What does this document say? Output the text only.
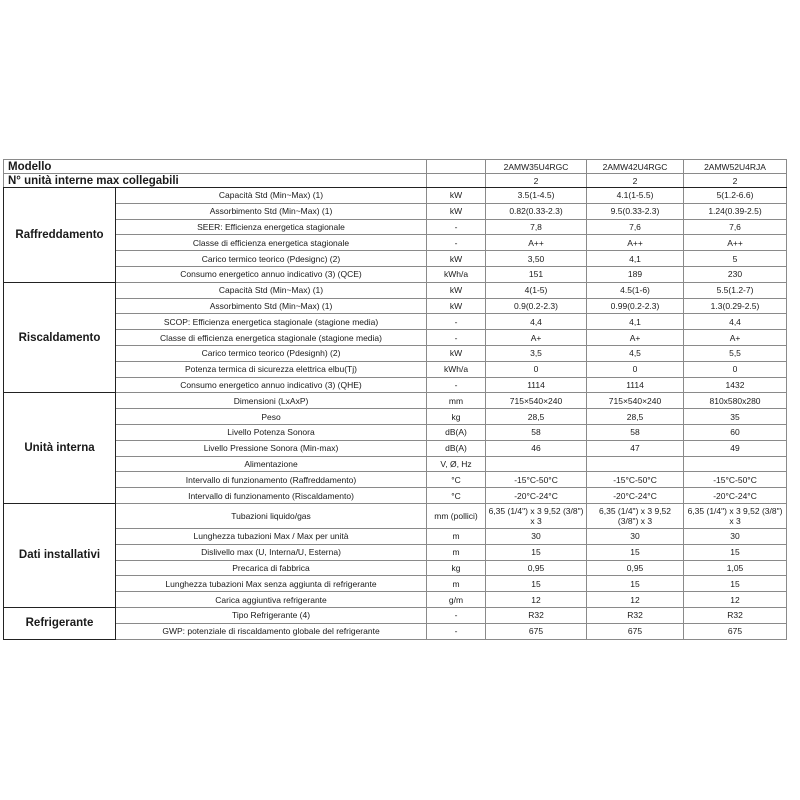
Modello			2AMW35U4RGC	2AMW42U4RGC	2AMW52U4RJA
N° unità interne max collegabili			2	2	2
Raffreddamento	Capacità Std (Min~Max) (1)	kW	3.5(1-4.5)	4.1(1-5.5)	5(1.2-6.6)
	Assorbimento Std (Min~Max) (1)	kW	0.82(0.33-2.3)	9.5(0.33-2.3)	1.24(0.39-2.5)
	SEER: Efficienza energetica stagionale	-	7,8	7,6	7,6
	Classe di efficienza energetica stagionale	-	A++	A++	A++
	Carico termico teorico (Pdesignc) (2)	kW	3,50	4,1	5
	Consumo energetico annuo indicativo (3) (QCE)	kWh/a	151	189	230
Riscaldamento	Capacità Std (Min~Max) (1)	kW	4(1-5)	4.5(1-6)	5.5(1.2-7)
	Assorbimento Std (Min~Max) (1)	kW	0.9(0.2-2.3)	0.99(0.2-2.3)	1.3(0.29-2.5)
	SCOP: Efficienza energetica stagionale (stagione media)	-	4,4	4,1	4,4
	Classe di efficienza energetica stagionale (stagione media)	-	A+	A+	A+
	Carico termico teorico (Pdesignh) (2)	kW	3,5	4,5	5,5
	Potenza termica di sicurezza elettrica elbu(Tj)	kWh/a	0	0	0
	Consumo energetico annuo indicativo (3) (QHE)	-	1114	1114	1432
Unità interna	Dimensioni (LxAxP)	mm	715×540×240	715×540×240	810x580x280
	Peso	kg	28,5	28,5	35
	Livello Potenza Sonora	dB(A)	58	58	60
	Livello Pressione Sonora (Min-max)	dB(A)	46	47	49
	Alimentazione	V, Ø, Hz			
	Intervallo di funzionamento (Raffreddamento)	°C	-15°C-50°C	-15°C-50°C	-15°C-50°C
	Intervallo di funzionamento (Riscaldamento)	°C	-20°C-24°C	-20°C-24°C	-20°C-24°C
Dati installativi	Tubazioni liquido/gas	mm (pollici)	6,35 (1/4") x 3 9,52 (3/8") x 3	6,35 (1/4") x 3 9,52 (3/8") x 3	6,35 (1/4") x 3 9,52 (3/8") x 3
	Lunghezza tubazioni Max / Max per unità	m	30	30	30
	Dislivello max (U, Interna/U, Esterna)	m	15	15	15
	Precarica di fabbrica	kg	0,95	0,95	1,05
	Lunghezza tubazioni Max senza aggiunta di refrigerante	m	15	15	15
	Carica aggiuntiva refrigerante	g/m	12	12	12
Refrigerante	Tipo Refrigerante (4)	-	R32	R32	R32
	GWP: potenziale di riscaldamento globale del refrigerante	-	675	675	675
